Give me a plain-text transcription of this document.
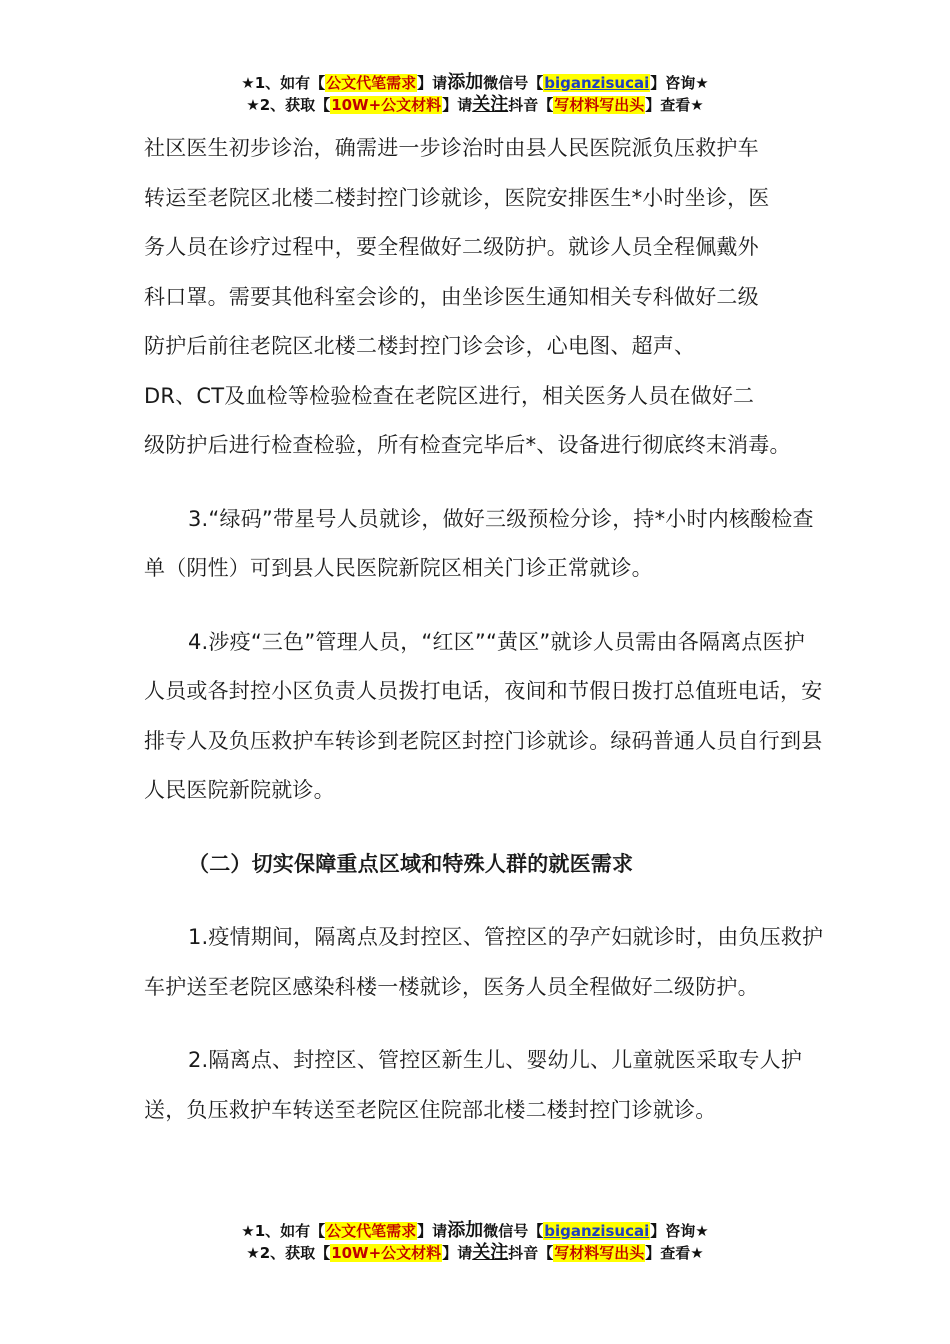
★1、如有【公文代笔需求】请添加微信号【biganzisucai】咨询★
★2、获取【10W+公文材料】请关注抖音【写材料写出头】查看★

社区医生初步诊治，确需进一步诊治时由县人民医院派负压救护车

转运至老院区北楼二楼封控门诊就诊，医院安排医生*小时坐诊，医

务人员在诊疗过程中，要全程做好二级防护。就诊人员全程佩戴外

科口罩。需要其他科室会诊的，由坐诊医生通知相关专科做好二级

防护后前往老院区北楼二楼封控门诊会诊，心电图、超声、

DR、CT及血检等检验检查在老院区进行，相关医务人员在做好二

级防护后进行检查检验，所有检查完毕后*、设备进行彻底终末消毒。

3.“绿码”带星号人员就诊，做好三级预检分诊，持*小时内核酸检查单（阴性）可到县人民医院新院区相关门诊正常就诊。

4.涉疫“三色”管理人员，“红区”“黄区”就诊人员需由各隔离点医护人员或各封控小区负责人员拨打电话，夜间和节假日拨打总值班电话，安排专人及负压救护车转诊到老院区封控门诊就诊。绿码普通人员自行到县人民医院新院就诊。

（二）切实保障重点区域和特殊人群的就医需求

1.疫情期间，隔离点及封控区、管控区的孕产妇就诊时，由负压救护车护送至老院区感染科楼一楼就诊，医务人员全程做好二级防护。

2.隔离点、封控区、管控区新生儿、婴幼儿、儿童就医采取专人护送，负压救护车转送至老院区住院部北楼二楼封控门诊就诊。

★1、如有【公文代笔需求】请添加微信号【biganzisucai】咨询★
★2、获取【10W+公文材料】请关注抖音【写材料写出头】查看★
